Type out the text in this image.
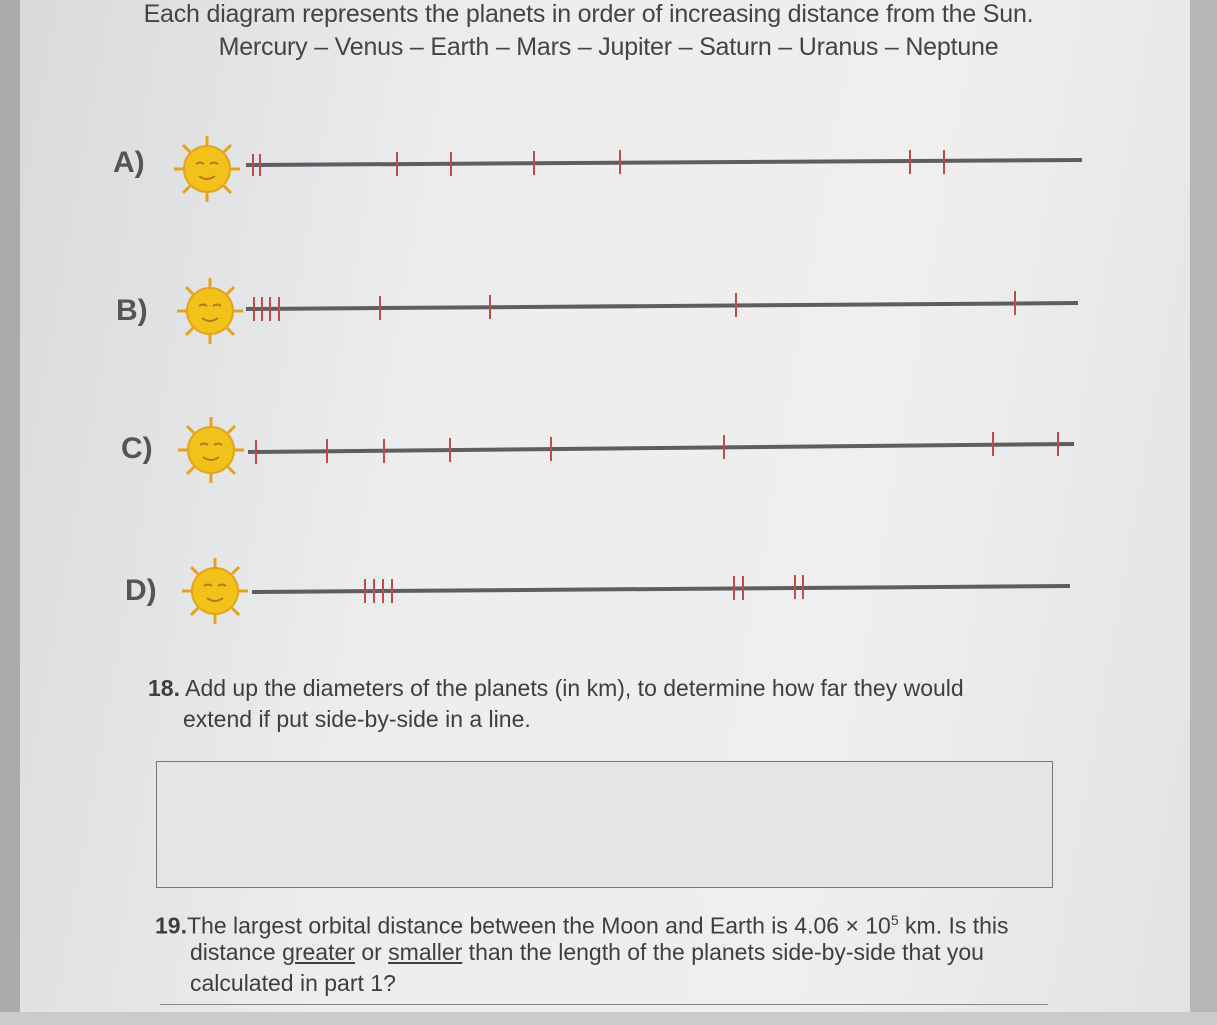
Each diagram represents the planets in order of increasing distance from the Sun.
Mercury – Venus – Earth – Mars – Jupiter – Saturn – Uranus – Neptune
A)
B)
C)
D)
18. Add up the diameters of the planets (in km), to determine how far they would
extend if put side-by-side in a line.
19.The largest orbital distance between the Moon and Earth is $4.06 \times 10^5$ km. Is this
distance greater or smaller than the length of the planets side-by-side that you
calculated in part 1?
